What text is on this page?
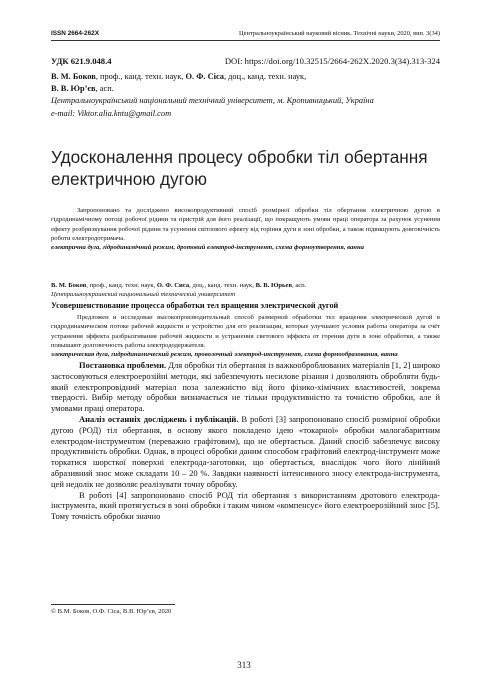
ISSN 2664-262X	Центральноукраїнський науковий вісник. Технічні науки, 2020, вип. 3(34)
УДК 621.9.048.4	DOI: https://doi.org/10.32515/2664-262X.2020.3(34).313-324
В. М. Боков, проф., канд. техн. наук, О. Ф. Сіса, доц., канд. техн. наук,
В. В. Юр’єв, асп.
Центральноукраїнський національний технічний університет, м. Кропивницький, Україна
e-mail: Viktor.alia.kntu@gmail.com
Удосконалення процесу обробки тіл обертання електричною дугою
Запропоновано та досліджено високопродуктивний спосіб розмірної обробки тіл обертання електричною дугою в гідродинамічному потоці робочої рідини та пристрій для його реалізації, що покращують умови праці оператора за рахунок усунення ефекту розбризкування робочої рідини та усунення світлового ефекту від горіння дуги в зоні обробки, а також підвищують довговічність роботи електродотримача.
електрична дуга, гідродинамічний режим, дротовий електрод-інструмент, схема формоутворення, ванна
В. М. Боков, проф., канд. техн. наук, О. Ф. Сиса, доц., канд. техн. наук, В. В. Юрьев, асп.
Центральноукраинский национальный технический университет
Усовершенствование процесса обработки тел вращения электрической дугой
Предложен и исследован высокопроизводительный способ размерной обработки тел вращения электрической дугой в гидродинамическом потоке рабочей жидкости и устройство для его реализации, которые улучшают условия работы оператора за счёт устранения эффекта разбрызгивания рабочей жидкости и устранения светового эффекта от горения дуги в зоне обработки, а также повышают долговечность работы электрододержателя.
электрическая дуга, гидродинамический режим, проволочный электрод-инструмент, схема формообразования, ванна

Постановка проблеми. Для обробки тіл обертання із важкооброблюваних матеріалів [1, 2] широко застосовуються електроерозійні методи, які забезпечують несилове різання і дозволяють обробляти будь-який електропровідний матеріал поза залежністю від його фізико-хімічних властивостей, зокрема твердості. Вибір методу обробки визначається не тільки продуктивністю та точністю обробки, але й умовами праці оператора.

Аналіз останніх досліджень і публікацій. В роботі [3] запропоновано спосіб розмірної обробки дугою (РОД) тіл обертання, в основу якого покладено ідею «токарної» обробки малогабаритним електродом-інструментом (переважно графітовим), що не обертається. Даний спосіб забезпечує високу продуктивність обробки. Однак, в процесі обробки даним способом графітовий електрод-інструмент може торкатися шорсткої поверхні електрода-заготовки, що обертається, внаслідок чого його лінійний абразивний знос може складати 10 – 20 %. Завдяки наявності інтенсивного зносу електрода-інструмента, цей недолік не дозволяє реалізувати точну обробку.

В роботі [4] запропоновано спосіб РОД тіл обертання з використанням дротового електрода-інструмента, який протягується в зоні обробки і таким чином «компенсує» його електроерозійний знос [5]. Тому точність обробки значно

© В.М. Боков, О.Ф. Сіса, В.В. Юр’єв, 2020
313
